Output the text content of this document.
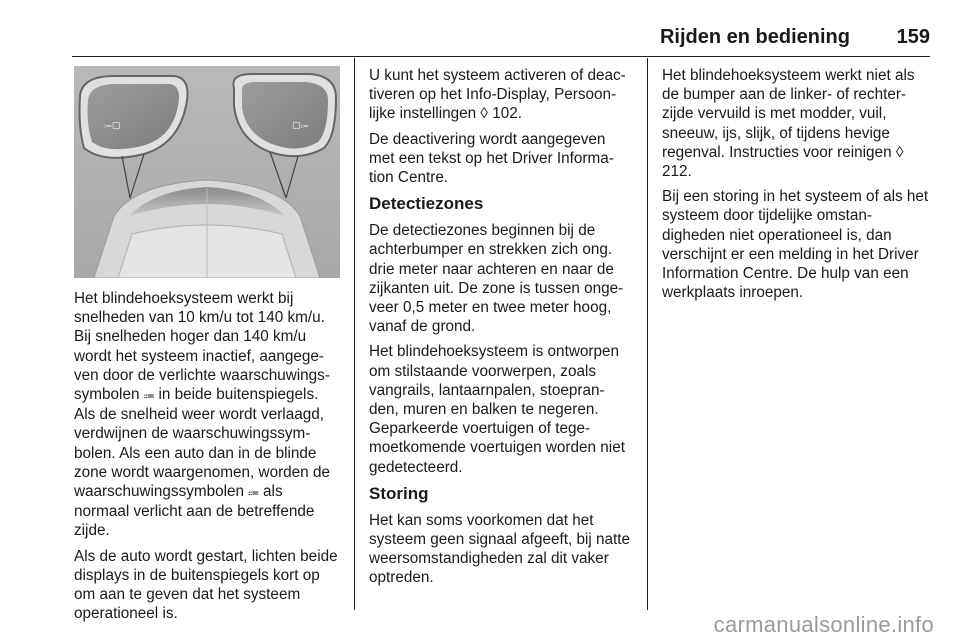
Rijden en bediening 159
⩴▢	▢⩴

Het blindehoeksysteem werkt bij snelheden van 10 km/u tot 140 km/u. Bij snelheden hoger dan 140 km/u wordt het systeem inactief, aangege‐ ven door de verlichte waarschuwings‐ symbolen ⩴ in beide buitenspiegels. Als de snelheid weer wordt verlaagd, verdwijnen de waarschuwingssym‐ bolen. Als een auto dan in de blinde zone wordt waargenomen, worden de waarschuwingssymbolen ⩴ als normaal verlicht aan de betreffende zijde.

Als de auto wordt gestart, lichten beide displays in de buitenspiegels kort op om aan te geven dat het systeem operationeel is.

U kunt het systeem activeren of deac‐ tiveren op het Info-Display, Persoon‐ lijke instellingen ◊ 102.

De deactivering wordt aangegeven met een tekst op het Driver Informa‐ tion Centre.

Detectiezones

De detectiezones beginnen bij de achterbumper en strekken zich ong. drie meter naar achteren en naar de zijkanten uit. De zone is tussen onge‐ veer 0,5 meter en twee meter hoog, vanaf de grond.

Het blindehoeksysteem is ontworpen om stilstaande voorwerpen, zoals vangrails, lantaarnpalen, stoepran‐ den, muren en balken te negeren. Geparkeerde voertuigen of tege‐ moetkomende voertuigen worden niet gedetecteerd.

Storing

Het kan soms voorkomen dat het systeem geen signaal afgeeft, bij natte weersomstandigheden zal dit vaker optreden.

Het blindehoeksysteem werkt niet als de bumper aan de linker- of rechter‐ zijde vervuild is met modder, vuil, sneeuw, ijs, slijk, of tijdens hevige regenval. Instructies voor reinigen ◊ 212.

Bij een storing in het systeem of als het systeem door tijdelijke omstan‐ digheden niet operationeel is, dan verschijnt er een melding in het Driver Information Centre. De hulp van een werkplaats inroepen.

carmanualsonline.info
